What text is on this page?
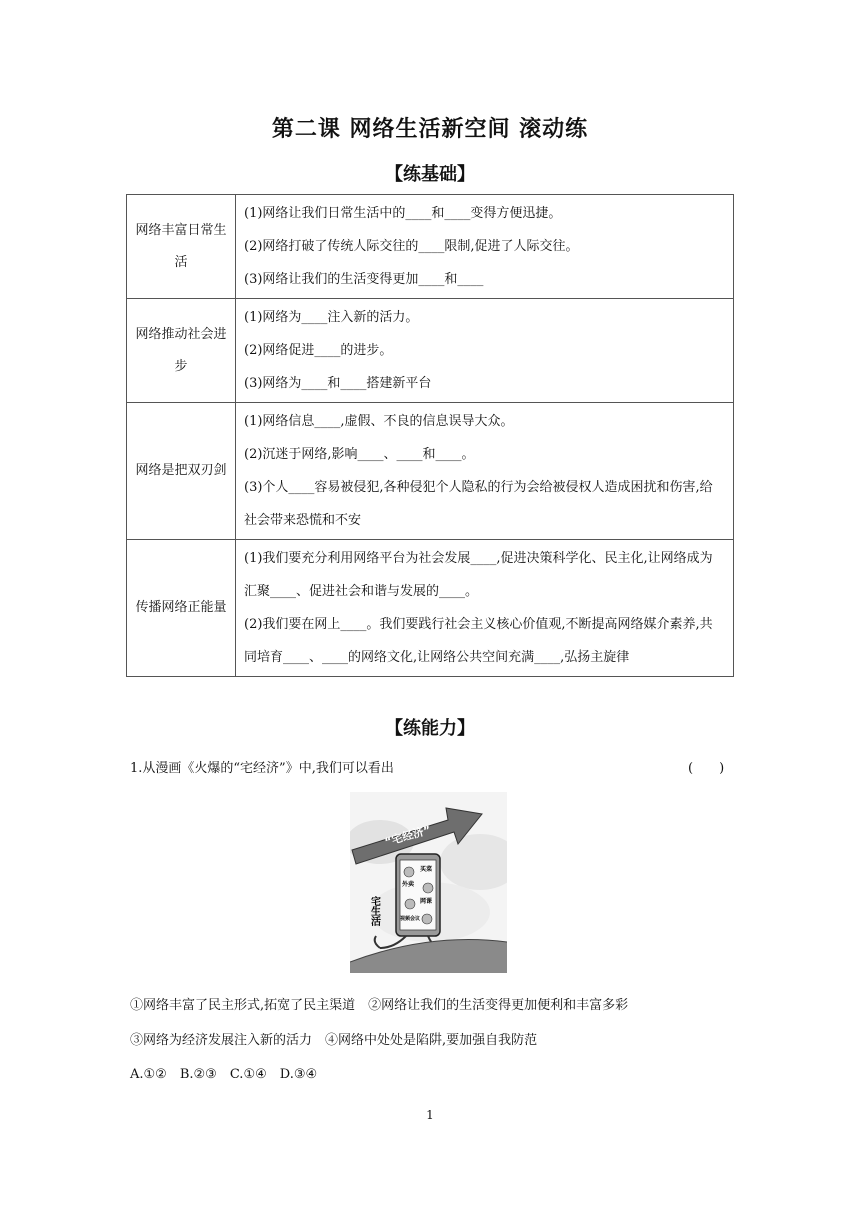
第二课 网络生活新空间 滚动练
【练基础】
网络丰富日常生活	(1)网络让我们日常生活中的____和____变得方便迅捷。
(2)网络打破了传统人际交往的____限制,促进了人际交往。
(3)网络让我们的生活变得更加____和____

网络推动社会进步	(1)网络为____注入新的活力。
(2)网络促进____的进步。
(3)网络为____和____搭建新平台

网络是把双刃剑	(1)网络信息____,虚假、不良的信息误导大众。
(2)沉迷于网络,影响____、____和____。
(3)个人____容易被侵犯,各种侵犯个人隐私的行为会给被侵权人造成困扰和伤害,给社会带来恐慌和不安

传播网络正能量	(1)我们要充分利用网络平台为社会发展____,促进决策科学化、民主化,让网络成为汇聚____、促进社会和谐与发展的____。
(2)我们要在网上____。我们要践行社会主义核心价值观,不断提高网络媒介素养,共同培育____、____的网络文化,让网络公共空间充满____,弘扬主旋律
【练能力】
1.从漫画《火爆的“宅经济”》中,我们可以看出	(　　)
“宅经济”
买菜
外卖
网课
视频会议
宅生活
①网络丰富了民主形式,拓宽了民主渠道　②网络让我们的生活变得更加便利和丰富多彩
③网络为经济发展注入新的活力　④网络中处处是陷阱,要加强自我防范
A.①②　B.②③　C.①④　D.③④
1
